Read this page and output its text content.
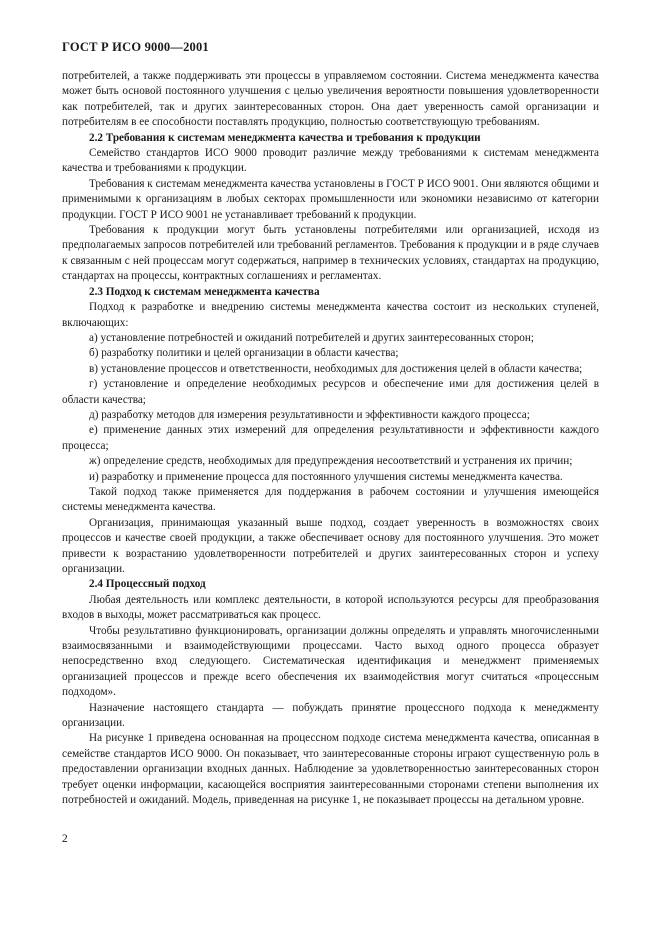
ГОСТ Р ИСО 9000—2001

потребителей, а также поддерживать эти процессы в управляемом состоянии. Система менеджмента качества может быть основой постоянного улучшения с целью увеличения вероятности повышения удовлетворенности как потребителей, так и других заинтересованных сторон. Она дает уверенность самой организации и потребителям в ее способности поставлять продукцию, полностью соответствующую требованиям.

2.2 Требования к системам менеджмента качества и требования к продукции

Семейство стандартов ИСО 9000 проводит различие между требованиями к системам менеджмента качества и требованиями к продукции.

Требования к системам менеджмента качества установлены в ГОСТ Р ИСО 9001. Они являются общими и применимыми к организациям в любых секторах промышленности или экономики независимо от категории продукции. ГОСТ Р ИСО 9001 не устанавливает требований к продукции.

Требования к продукции могут быть установлены потребителями или организацией, исходя из предполагаемых запросов потребителей или требований регламентов. Требования к продукции и в ряде случаев к связанным с ней процессам могут содержаться, например в технических условиях, стандартах на продукцию, стандартах на процессы, контрактных соглашениях и регламентах.

2.3 Подход к системам менеджмента качества

Подход к разработке и внедрению системы менеджмента качества состоит из нескольких ступеней, включающих:

а) установление потребностей и ожиданий потребителей и других заинтересованных сторон;

б) разработку политики и целей организации в области качества;

в) установление процессов и ответственности, необходимых для достижения целей в области качества;

г) установление и определение необходимых ресурсов и обеспечение ими для достижения целей в области качества;

д) разработку методов для измерения результативности и эффективности каждого процесса;

е) применение данных этих измерений для определения результативности и эффективности каждого процесса;

ж) определение средств, необходимых для предупреждения несоответствий и устранения их причин;

и) разработку и применение процесса для постоянного улучшения системы менеджмента качества.

Такой подход также применяется для поддержания в рабочем состоянии и улучшения имеющейся системы менеджмента качества.

Организация, принимающая указанный выше подход, создает уверенность в возможностях своих процессов и качестве своей продукции, а также обеспечивает основу для постоянного улучшения. Это может привести к возрастанию удовлетворенности потребителей и других заинтересованных сторон и успеху организации.

2.4 Процессный подход

Любая деятельность или комплекс деятельности, в которой используются ресурсы для преобразования входов в выходы, может рассматриваться как процесс.

Чтобы результативно функционировать, организации должны определять и управлять многочисленными взаимосвязанными и взаимодействующими процессами. Часто выход одного процесса образует непосредственно вход следующего. Систематическая идентификация и менеджмент применяемых организацией процессов и прежде всего обеспечения их взаимодействия могут считаться «процессным подходом».

Назначение настоящего стандарта — побуждать принятие процессного подхода к менеджменту организации.

На рисунке 1 приведена основанная на процессном подходе система менеджмента качества, описанная в семействе стандартов ИСО 9000. Он показывает, что заинтересованные стороны играют существенную роль в предоставлении организации входных данных. Наблюдение за удовлетворенностью заинтересованных сторон требует оценки информации, касающейся восприятия заинтересованными сторонами степени выполнения их потребностей и ожиданий. Модель, приведенная на рисунке 1, не показывает процессы на детальном уровне.

2
